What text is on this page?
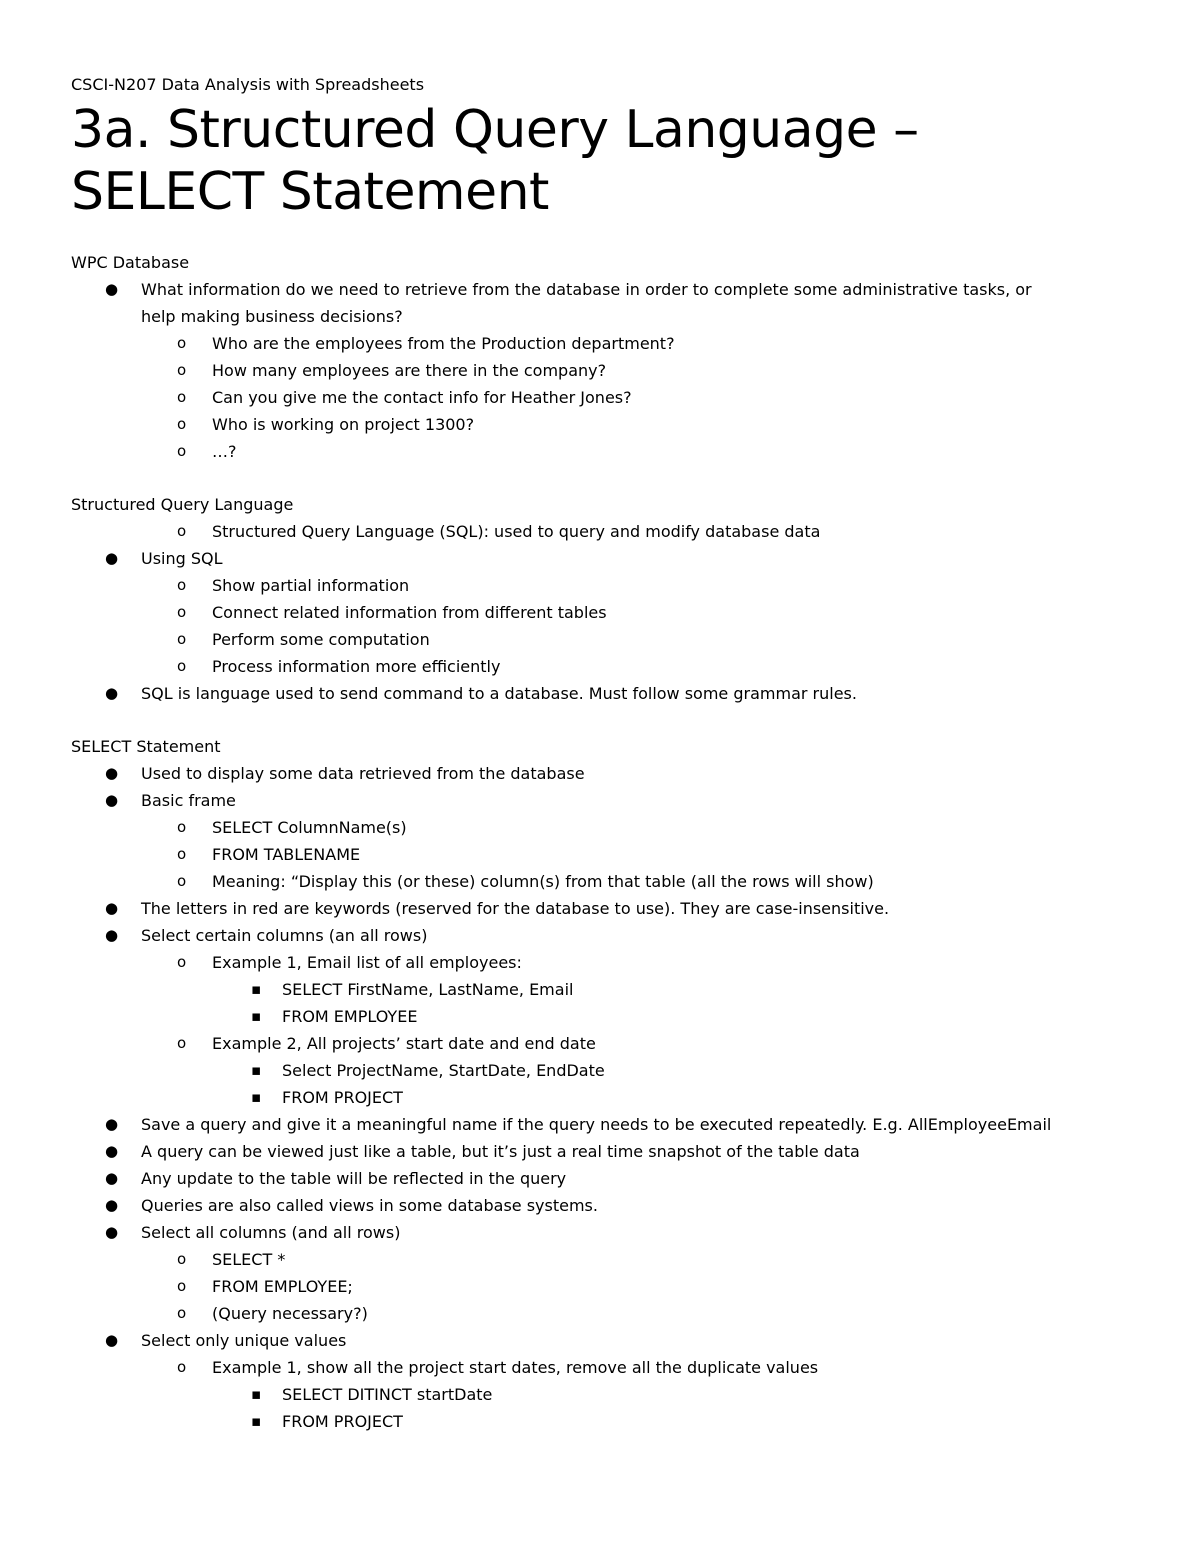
CSCI-N207 Data Analysis with Spreadsheets

3a. Structured Query Language –
SELECT Statement

WPC Database

● What information do we need to retrieve from the database in order to complete some administrative tasks, or
help making business decisions?
o Who are the employees from the Production department?
o How many employees are there in the company?
o Can you give me the contact info for Heather Jones?
o Who is working on project 1300?
o …?

Structured Query Language

o Structured Query Language (SQL): used to query and modify database data
● Using SQL
o Show partial information
o Connect related information from different tables
o Perform some computation
o Process information more efficiently
● SQL is language used to send command to a database. Must follow some grammar rules.

SELECT Statement

● Used to display some data retrieved from the database
● Basic frame
o SELECT ColumnName(s)
o FROM TABLENAME
o Meaning: “Display this (or these) column(s) from that table (all the rows will show)
● The letters in red are keywords (reserved for the database to use). They are case-insensitive.
● Select certain columns (an all rows)
o Example 1, Email list of all employees:
▪ SELECT FirstName, LastName, Email
▪ FROM EMPLOYEE
o Example 2, All projects’ start date and end date
▪ Select ProjectName, StartDate, EndDate
▪ FROM PROJECT
● Save a query and give it a meaningful name if the query needs to be executed repeatedly. E.g. AllEmployeeEmail
● A query can be viewed just like a table, but it’s just a real time snapshot of the table data
● Any update to the table will be reflected in the query
● Queries are also called views in some database systems.
● Select all columns (and all rows)
o SELECT *
o FROM EMPLOYEE;
o (Query necessary?)
● Select only unique values
o Example 1, show all the project start dates, remove all the duplicate values
▪ SELECT DITINCT startDate
▪ FROM PROJECT
